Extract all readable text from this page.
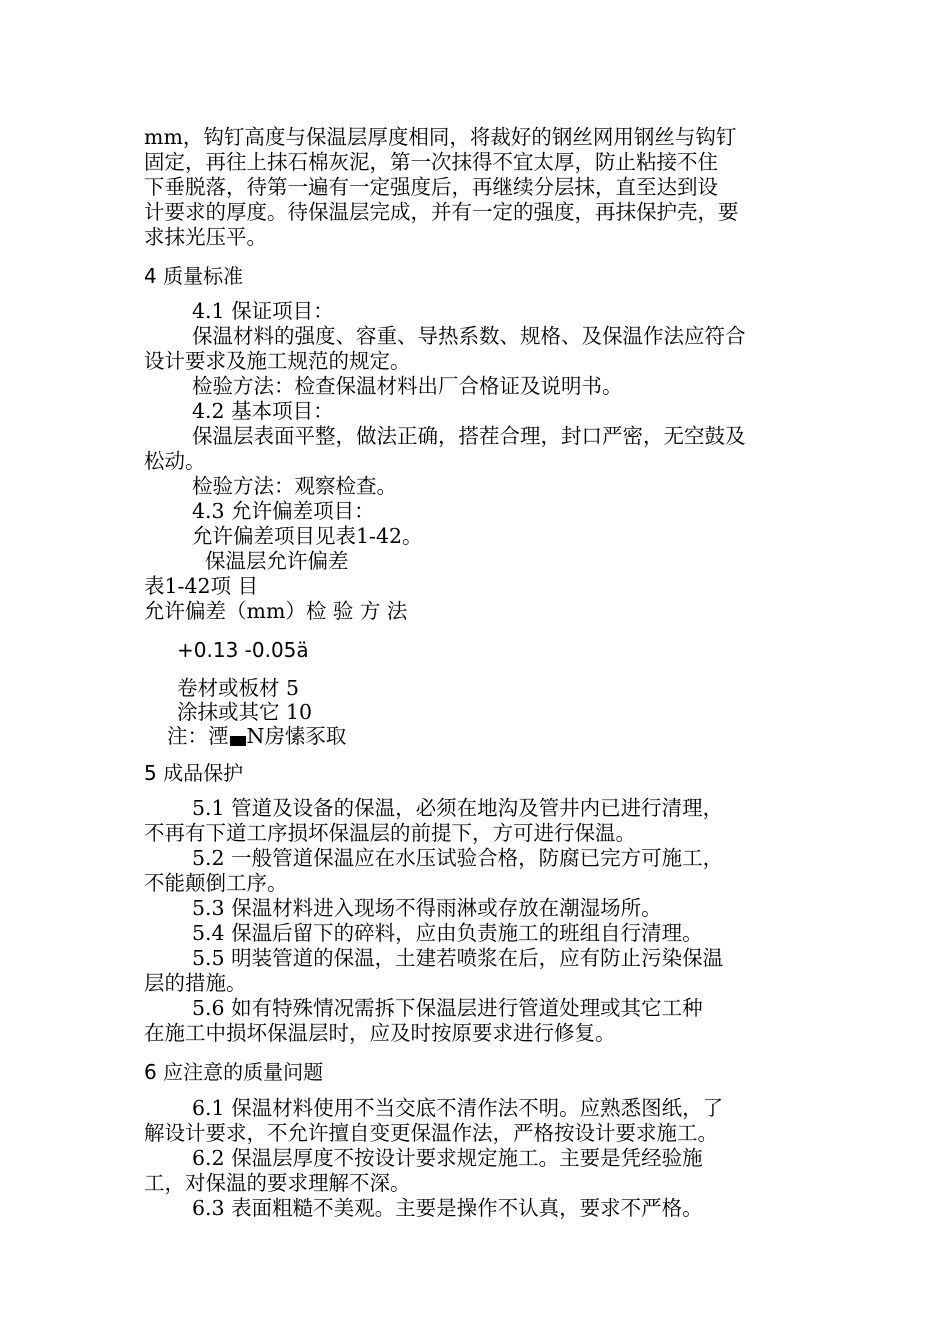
mm，钩钉高度与保温层厚度相同，将裁好的钢丝网用钢丝与钩钉
固定，再往上抹石棉灰泥，第一次抹得不宜太厚，防止粘接不住
下垂脱落，待第一遍有一定强度后，再继续分层抹，直至达到设
计要求的厚度。待保温层完成，并有一定的强度，再抹保护壳，要
求抹光压平。
4 质量标准
4.1 保证项目：
保温材料的强度、容重、导热系数、规格、及保温作法应符合
设计要求及施工规范的规定。
检验方法：检查保温材料出厂合格证及说明书。
4.2 基本项目：
保温层表面平整，做法正确，搭茬合理，封口严密，无空鼓及
松动。
检验方法：观察检查。
4.3 允许偏差项目：
允许偏差项目见表1-42。
保温层允许偏差
表1-42项 目
允许偏差（mm）检 验 方 法
+0.13 -0.05ä
卷材或板材 5
涂抹或其它 10
注：湮 N房愫豕取
5 成品保护
5.1 管道及设备的保温，必须在地沟及管井内已进行清理，
不再有下道工序损坏保温层的前提下，方可进行保温。
5.2 一般管道保温应在水压试验合格，防腐已完方可施工，
不能颠倒工序。
5.3 保温材料进入现场不得雨淋或存放在潮湿场所。
5.4 保温后留下的碎料，应由负责施工的班组自行清理。
5.5 明装管道的保温，土建若喷浆在后，应有防止污染保温
层的措施。
5.6 如有特殊情况需拆下保温层进行管道处理或其它工种
在施工中损坏保温层时，应及时按原要求进行修复。
6 应注意的质量问题
6.1 保温材料使用不当交底不清作法不明。应熟悉图纸，了
解设计要求，不允许擅自变更保温作法，严格按设计要求施工。
6.2 保温层厚度不按设计要求规定施工。主要是凭经验施
工，对保温的要求理解不深。
6.3 表面粗糙不美观。主要是操作不认真，要求不严格。
